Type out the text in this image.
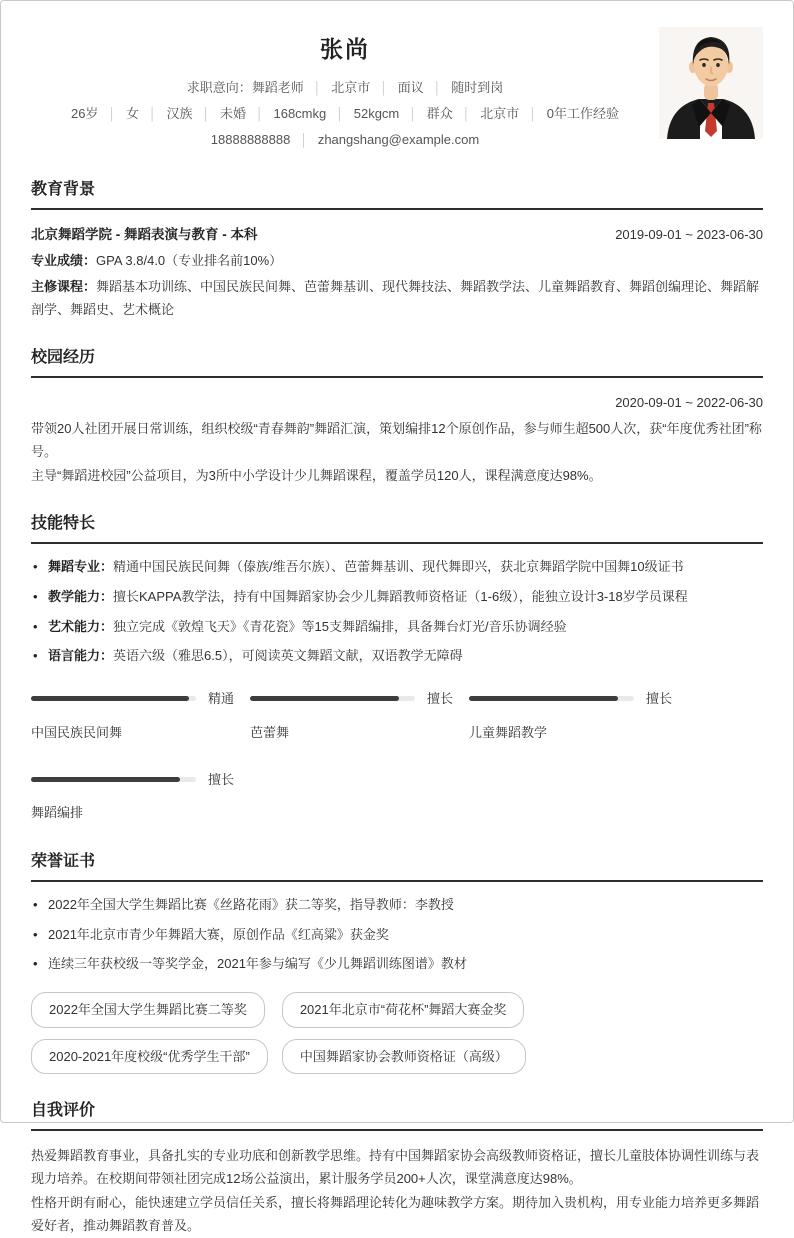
张尚
求职意向：舞蹈老师 │ 北京市 │ 面议 │ 随时到岗
26岁 │ 女 │ 汉族 │ 未婚 │ 168cmkg │ 52kgcm │ 群众 │ 北京市 │ 0年工作经验
18888888888 │ zhangshang@example.com
教育背景
北京舞蹈学院 - 舞蹈表演与教育 - 本科	2019-09-01 ~ 2023-06-30
专业成绩：GPA 3.8/4.0（专业排名前10%）
主修课程：舞蹈基本功训练、中国民族民间舞、芭蕾舞基训、现代舞技法、舞蹈教学法、儿童舞蹈教育、舞蹈创编理论、舞蹈解剖学、舞蹈史、艺术概论
校园经历
2020-09-01 ~ 2022-06-30

带领20人社团开展日常训练，组织校级“青春舞韵”舞蹈汇演，策划编排12个原创作品，参与师生超500人次，获“年度优秀社团”称号。

主导“舞蹈进校园”公益项目，为3所中小学设计少儿舞蹈课程，覆盖学员120人，课程满意度达98%。

技能特长
• 舞蹈专业：精通中国民族民间舞（傣族/维吾尔族）、芭蕾舞基训、现代舞即兴，获北京舞蹈学院中国舞10级证书
• 教学能力：擅长KAPPA教学法，持有中国舞蹈家协会少儿舞蹈教师资格证（1-6级），能独立设计3-18岁学员课程
• 艺术能力：独立完成《敦煌飞天》《青花瓷》等15支舞蹈编排，具备舞台灯光/音乐协调经验
• 语言能力：英语六级（雅思6.5），可阅读英文舞蹈文献，双语教学无障碍
精通
中国民族民间舞
擅长
芭蕾舞
擅长
儿童舞蹈教学
擅长
舞蹈编排
荣誉证书
• 2022年全国大学生舞蹈比赛《丝路花雨》获二等奖，指导教师：李教授
• 2021年北京市青少年舞蹈大赛，原创作品《红高粱》获金奖
• 连续三年获校级一等奖学金，2021年参与编写《少儿舞蹈训练图谱》教材
2022年全国大学生舞蹈比赛二等奖	2021年北京市“荷花杯”舞蹈大赛金奖
2020-2021年度校级“优秀学生干部”	中国舞蹈家协会教师资格证（高级）
自我评价

热爱舞蹈教育事业，具备扎实的专业功底和创新教学思维。持有中国舞蹈家协会高级教师资格证，擅长儿童肢体协调性训练与表现力培养。在校期间带领社团完成12场公益演出，累计服务学员200+人次，课堂满意度达98%。

性格开朗有耐心，能快速建立学员信任关系，擅长将舞蹈理论转化为趣味教学方案。期待加入贵机构，用专业能力培养更多舞蹈爱好者，推动舞蹈教育普及。
